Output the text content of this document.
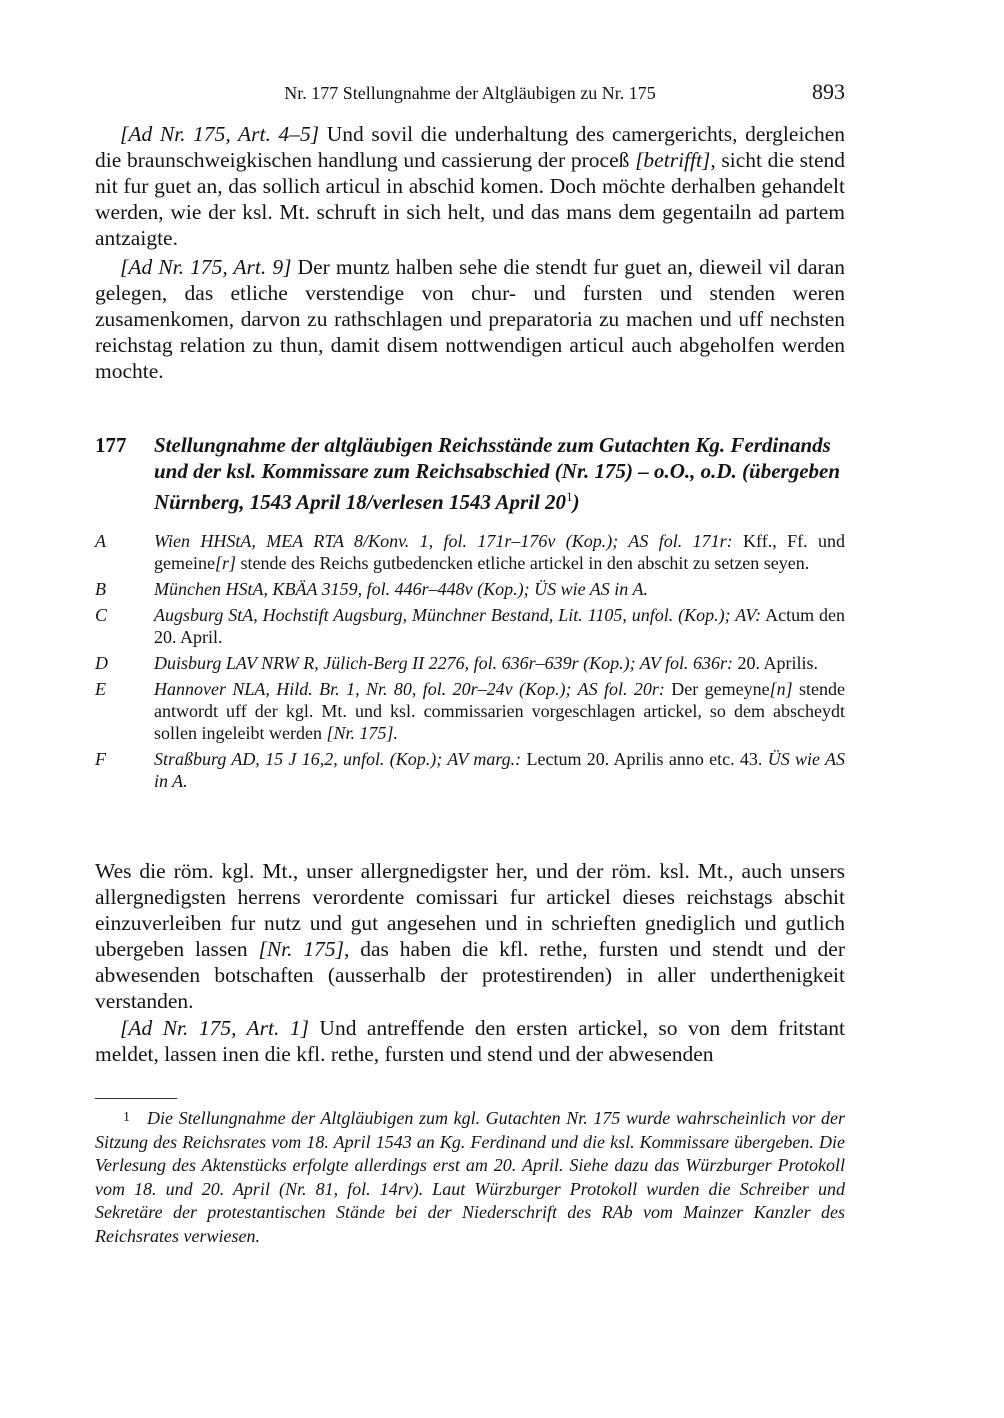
Nr. 177 Stellungnahme der Altgläubigen zu Nr. 175	893

[Ad Nr. 175, Art. 4–5] Und sovil die underhaltung des camergerichts, dergleichen die braunschweigkischen handlung und cassierung der proceß [betrifft], sicht die stend nit fur guet an, das sollich articul in abschid komen. Doch möchte derhalben gehandelt werden, wie der ksl. Mt. schruft in sich helt, und das mans dem gegentailn ad partem antzaigte.

[Ad Nr. 175, Art. 9] Der muntz halben sehe die stendt fur guet an, dieweil vil daran gelegen, das etliche verstendige von chur- und fursten und stenden weren zusamenkomen, darvon zu rathschlagen und preparatoria zu machen und uff nechsten reichstag relation zu thun, damit disem nottwendigen articul auch abgeholfen werden mochte.

177 Stellungnahme der altgläubigen Reichsstände zum Gutachten Kg. Ferdinands und der ksl. Kommissare zum Reichsabschied (Nr. 175) – o.O., o.D. (übergeben Nürnberg, 1543 April 18/verlesen 1543 April $20^1$)

A	Wien HHStA, MEA RTA 8/Konv. 1, fol. 171r–176v (Kop.); AS fol. 171r: Kff., Ff. und gemeine[r] stende des Reichs gutbedencken etliche artickel in den abschit zu setzen seyen.

B	München HStA, KBÄA 3159, fol. 446r–448v (Kop.); ÜS wie AS in A.

C	Augsburg StA, Hochstift Augsburg, Münchner Bestand, Lit. 1105, unfol. (Kop.); AV: Actum den 20. April.

D	Duisburg LAV NRW R, Jülich-Berg II 2276, fol. 636r–639r (Kop.); AV fol. 636r: 20. Aprilis.

E	Hannover NLA, Hild. Br. 1, Nr. 80, fol. 20r–24v (Kop.); AS fol. 20r: Der gemeyne[n] stende antwordt uff der kgl. Mt. und ksl. commissarien vorgeschlagen artickel, so dem abscheydt sollen ingeleibt werden [Nr. 175].

F	Straßburg AD, 15 J 16,2, unfol. (Kop.); AV marg.: Lectum 20. Aprilis anno etc. 43. ÜS wie AS in A.

Wes die röm. kgl. Mt., unser allergnedigster her, und der röm. ksl. Mt., auch unsers allergnedigsten herrens verordente comissari fur artickel dieses reichstags abschit einzuverleiben fur nutz und gut angesehen und in schrieften gnediglich und gutlich ubergeben lassen [Nr. 175], das haben die kfl. rethe, fursten und stendt und der abwesenden botschaften (ausserhalb der protestirenden) in aller underthenigkeit verstanden.

[Ad Nr. 175, Art. 1] Und antreffende den ersten artickel, so von dem fritstant meldet, lassen inen die kfl. rethe, fursten und stend und der abwesenden

1 Die Stellungnahme der Altgläubigen zum kgl. Gutachten Nr. 175 wurde wahrscheinlich vor der Sitzung des Reichsrates vom 18. April 1543 an Kg. Ferdinand und die ksl. Kommissare übergeben. Die Verlesung des Aktenstücks erfolgte allerdings erst am 20. April. Siehe dazu das Würzburger Protokoll vom 18. und 20. April (Nr. 81, fol. 14rv). Laut Würzburger Protokoll wurden die Schreiber und Sekretäre der protestantischen Stände bei der Niederschrift des RAb vom Mainzer Kanzler des Reichsrates verwiesen.
